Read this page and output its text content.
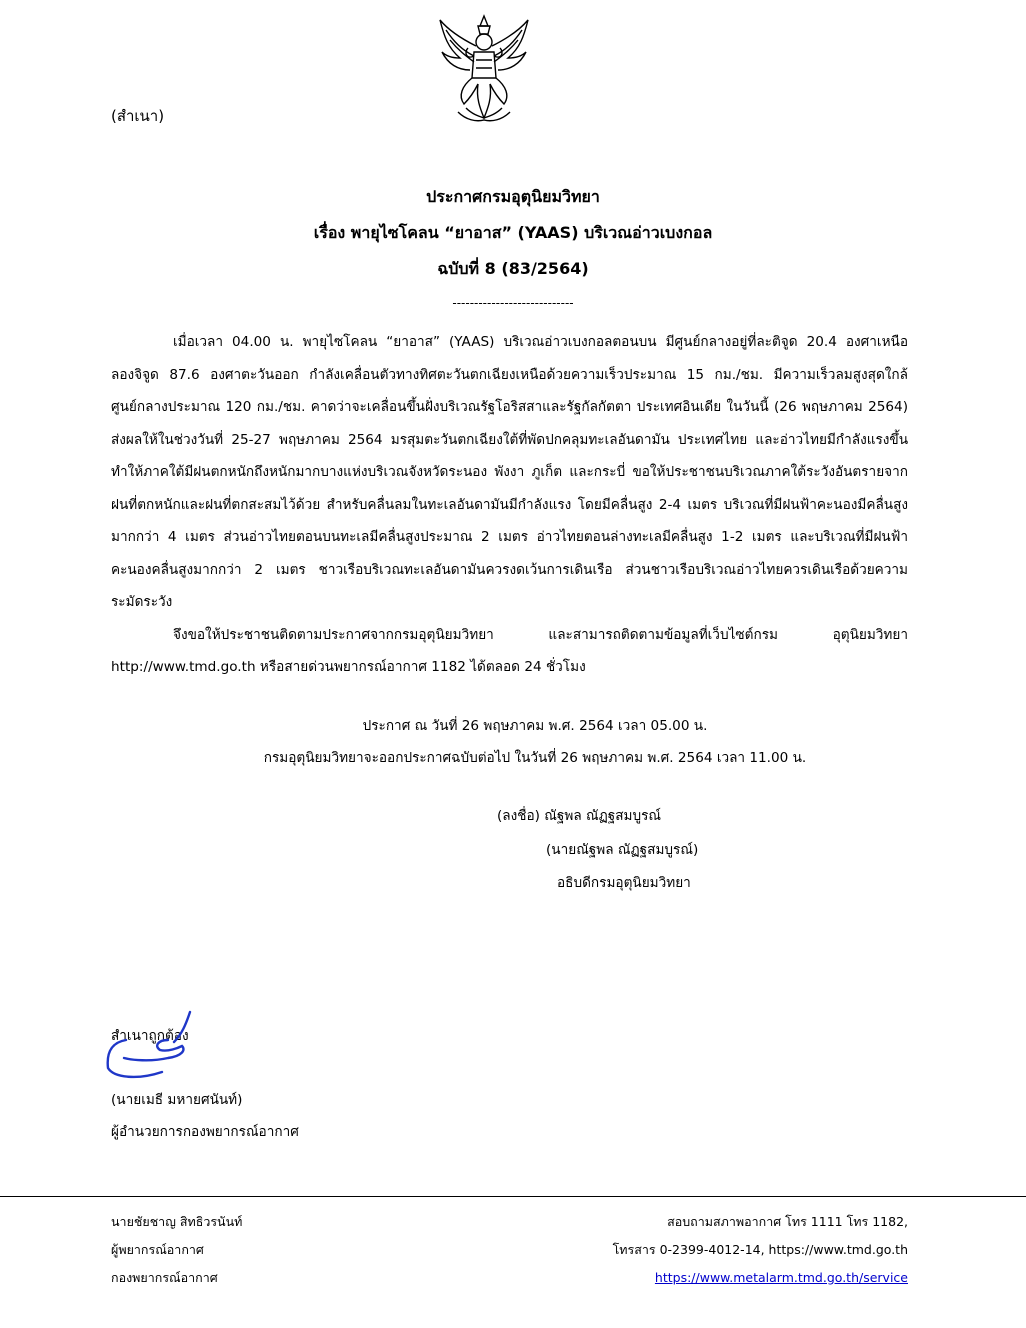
(สำเนา)
ประกาศกรมอุตุนิยมวิทยา
เรื่อง พายุไซโคลน “ยาอาส” (YAAS) บริเวณอ่าวเบงกอล
ฉบับที่ 8 (83/2564)
----------------------------

เมื่อเวลา 04.00 น. พายุไซโคลน “ยาอาส” (YAAS) บริเวณอ่าวเบงกอลตอนบน มีศูนย์กลางอยู่ที่ละติจูด 20.4 องศาเหนือ ลองจิจูด 87.6 องศาตะวันออก กำลังเคลื่อนตัวทางทิศตะวันตกเฉียงเหนือด้วยความเร็วประมาณ 15 กม./ชม. มีความเร็วลมสูงสุดใกล้ศูนย์กลางประมาณ 120 กม./ชม. คาดว่าจะเคลื่อนขึ้นฝั่งบริเวณรัฐโอริสสาและรัฐกัลกัตตา ประเทศอินเดีย ในวันนี้ (26 พฤษภาคม 2564) ส่งผลให้ในช่วงวันที่ 25-27 พฤษภาคม 2564 มรสุมตะวันตกเฉียงใต้ที่พัดปกคลุมทะเลอันดามัน ประเทศไทย และอ่าวไทยมีกำลังแรงขึ้น ทำให้ภาคใต้มีฝนตกหนักถึงหนักมากบางแห่งบริเวณจังหวัดระนอง พังงา ภูเก็ต และกระบี่ ขอให้ประชาชนบริเวณภาคใต้ระวังอันตรายจากฝนที่ตกหนักและฝนที่ตกสะสมไว้ด้วย สำหรับคลื่นลมในทะเลอันดามันมีกำลังแรง โดยมีคลื่นสูง 2-4 เมตร บริเวณที่มีฝนฟ้าคะนองมีคลื่นสูงมากกว่า 4 เมตร ส่วนอ่าวไทยตอนบนทะเลมีคลื่นสูงประมาณ 2 เมตร อ่าวไทยตอนล่างทะเลมีคลื่นสูง 1-2 เมตร และบริเวณที่มีฝนฟ้าคะนองคลื่นสูงมากกว่า 2 เมตร ชาวเรือบริเวณทะเลอันดามันควรงดเว้นการเดินเรือ ส่วนชาวเรือบริเวณอ่าวไทยควรเดินเรือด้วยความระมัดระวัง

จึงขอให้ประชาชนติดตามประกาศจากกรมอุตุนิยมวิทยา และสามารถติดตามข้อมูลที่เว็บไซต์กรม อุตุนิยมวิทยา http://www.tmd.go.th หรือสายด่วนพยากรณ์อากาศ 1182 ได้ตลอด 24 ชั่วโมง

ประกาศ ณ วันที่ 26 พฤษภาคม พ.ศ. 2564 เวลา 05.00 น.
กรมอุตุนิยมวิทยาจะออกประกาศฉบับต่อไป ในวันที่ 26 พฤษภาคม พ.ศ. 2564 เวลา 11.00 น.
(ลงชื่อ) ณัฐพล ณัฏฐสมบูรณ์
(นายณัฐพล ณัฏฐสมบูรณ์)
อธิบดีกรมอุตุนิยมวิทยา
สำเนาถูกต้อง
(นายเมธี มหายศนันท์)
ผู้อำนวยการกองพยากรณ์อากาศ
นายชัยชาญ สิทธิวรนันท์
ผู้พยากรณ์อากาศ
กองพยากรณ์อากาศ
สอบถามสภาพอากาศ โทร 1111 โทร 1182,
โทรสาร 0-2399-4012-14, https://www.tmd.go.th
https://www.metalarm.tmd.go.th/service
